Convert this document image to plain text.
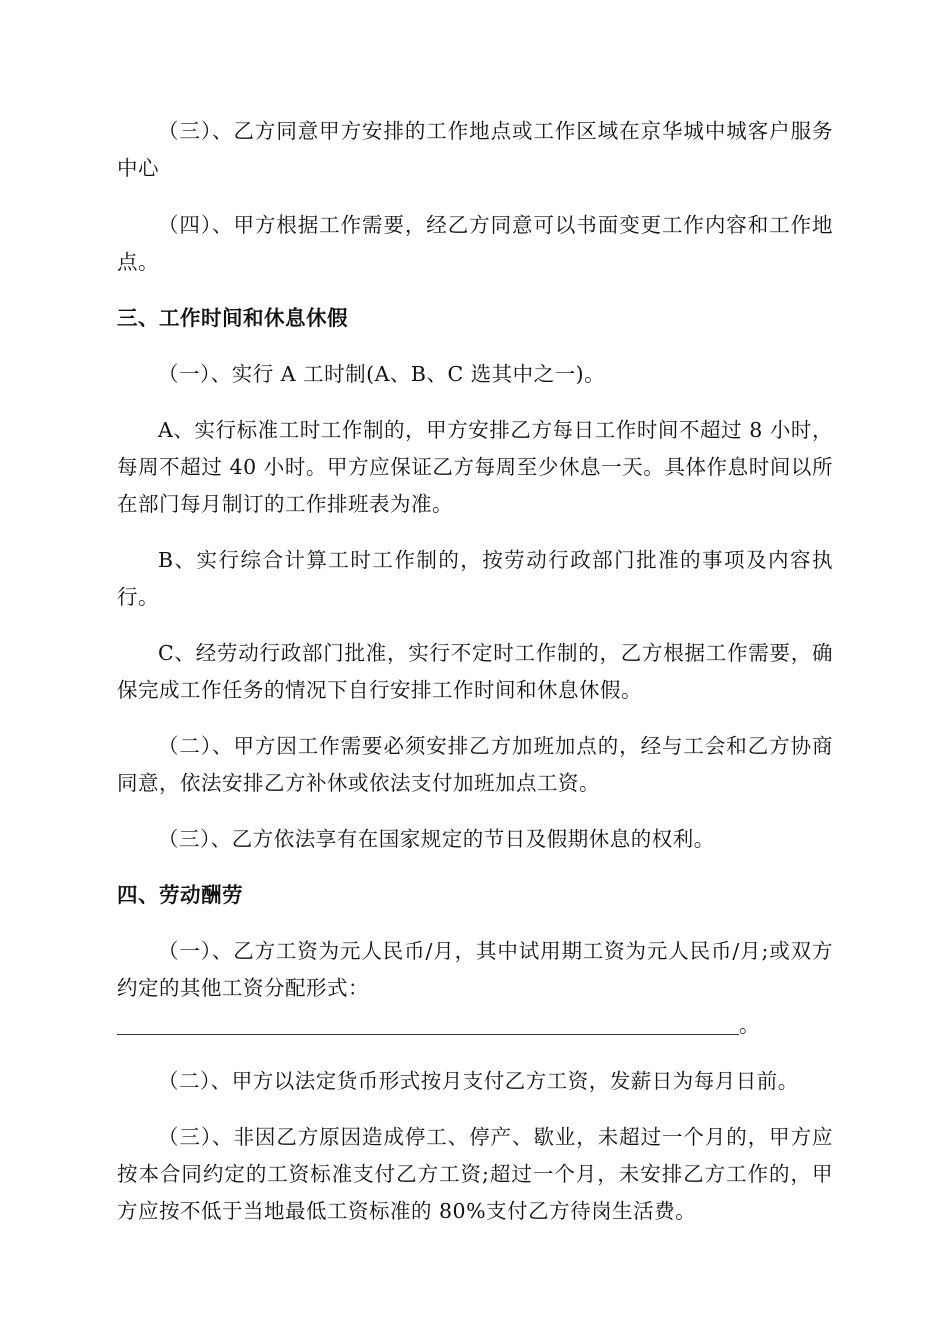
（三）、乙方同意甲方安排的工作地点或工作区域在京华城中城客户服务中心

（四）、甲方根据工作需要，经乙方同意可以书面变更工作内容和工作地点。

三、工作时间和休息休假

（一）、实行 A 工时制(A、B、C 选其中之一)。

A、实行标准工时工作制的，甲方安排乙方每日工作时间不超过 8 小时，每周不超过 40 小时。甲方应保证乙方每周至少休息一天。具体作息时间以所在部门每月制订的工作排班表为准。

B、实行综合计算工时工作制的，按劳动行政部门批准的事项及内容执行。

C、经劳动行政部门批准，实行不定时工作制的，乙方根据工作需要，确保完成工作任务的情况下自行安排工作时间和休息休假。

（二）、甲方因工作需要必须安排乙方加班加点的，经与工会和乙方协商同意，依法安排乙方补休或依法支付加班加点工资。

（三）、乙方依法享有在国家规定的节日及假期休息的权利。

四、劳动酬劳

（一）、乙方工资为元人民币/月，其中试用期工资为元人民币/月;或双方约定的其他工资分配形式：

。

（二）、甲方以法定货币形式按月支付乙方工资，发薪日为每月日前。

（三）、非因乙方原因造成停工、停产、歇业，未超过一个月的，甲方应按本合同约定的工资标准支付乙方工资;超过一个月，未安排乙方工作的，甲方应按不低于当地最低工资标准的 80%支付乙方待岗生活费。
